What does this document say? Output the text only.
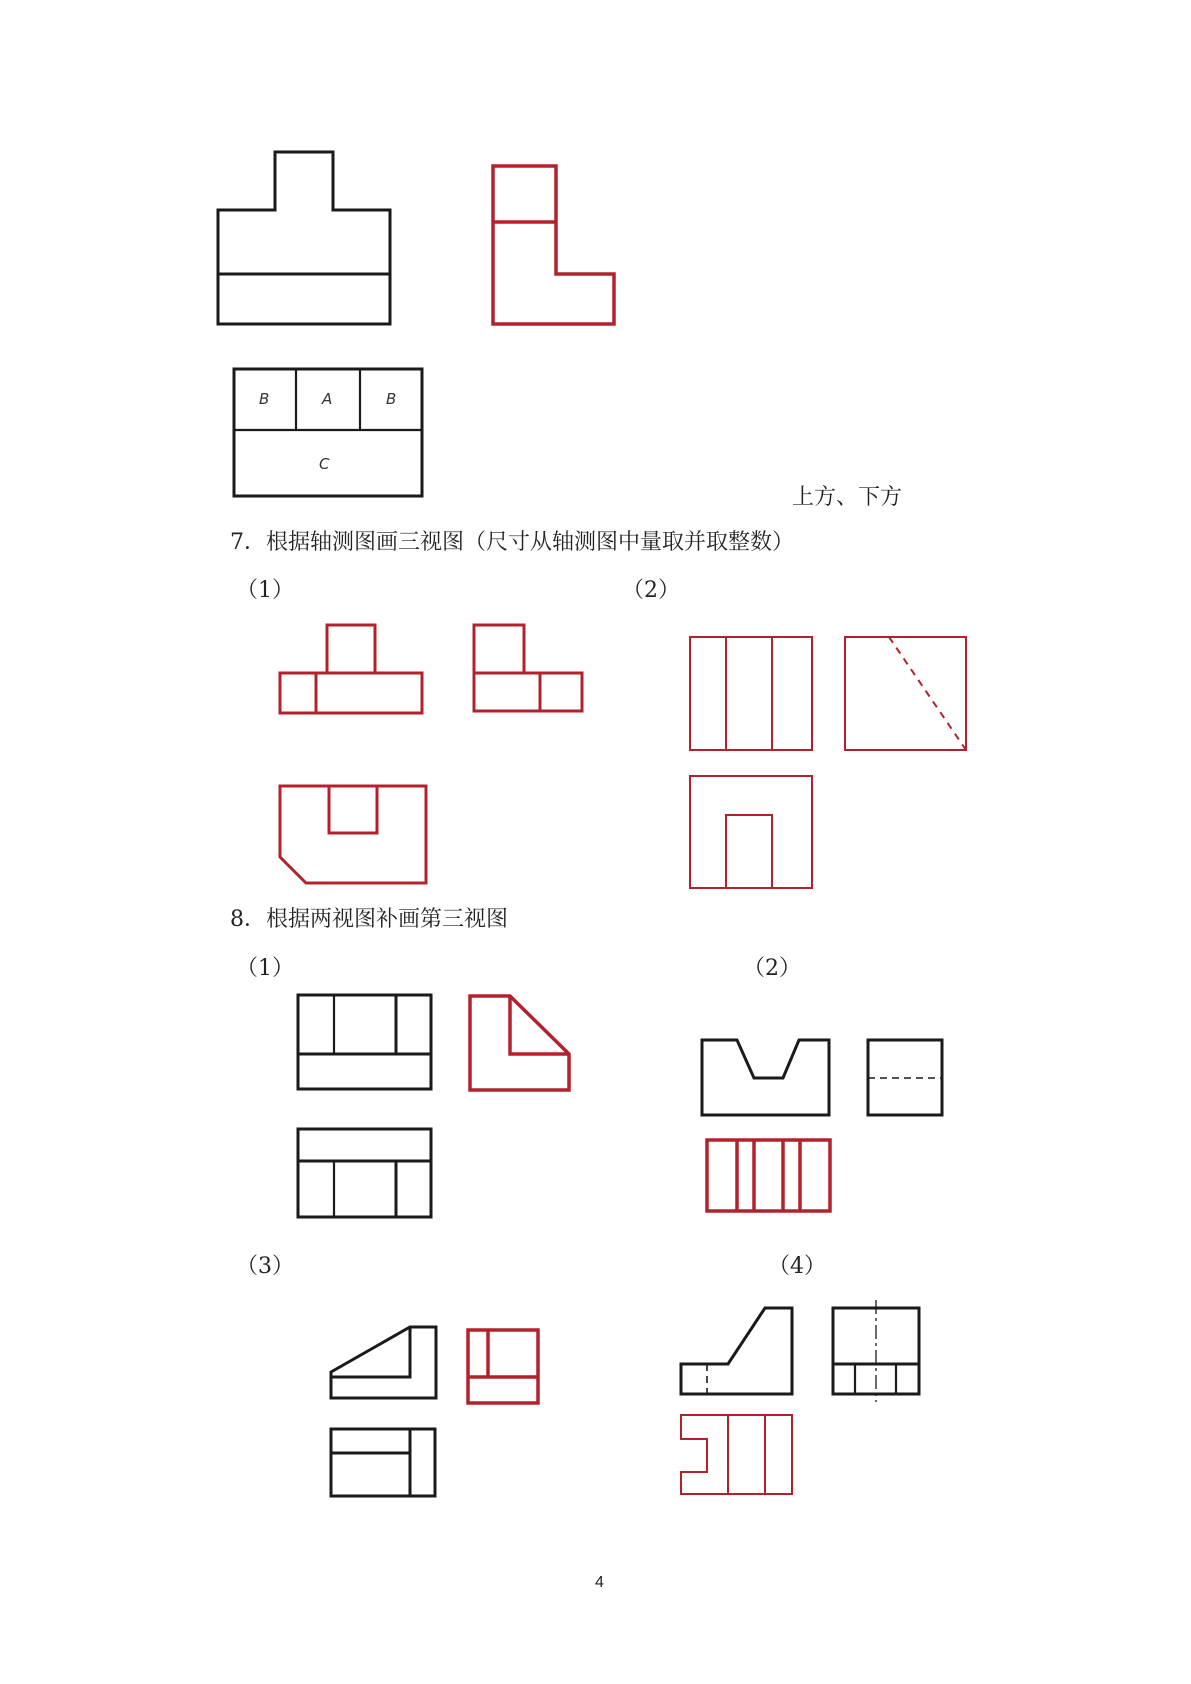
B	A	B
C
上方、下方
7．根据轴测图画三视图（尺寸从轴测图中量取并取整数）
（1）	（2）
8．根据两视图补画第三视图
（1）	（2）
（3）	（4）
4
